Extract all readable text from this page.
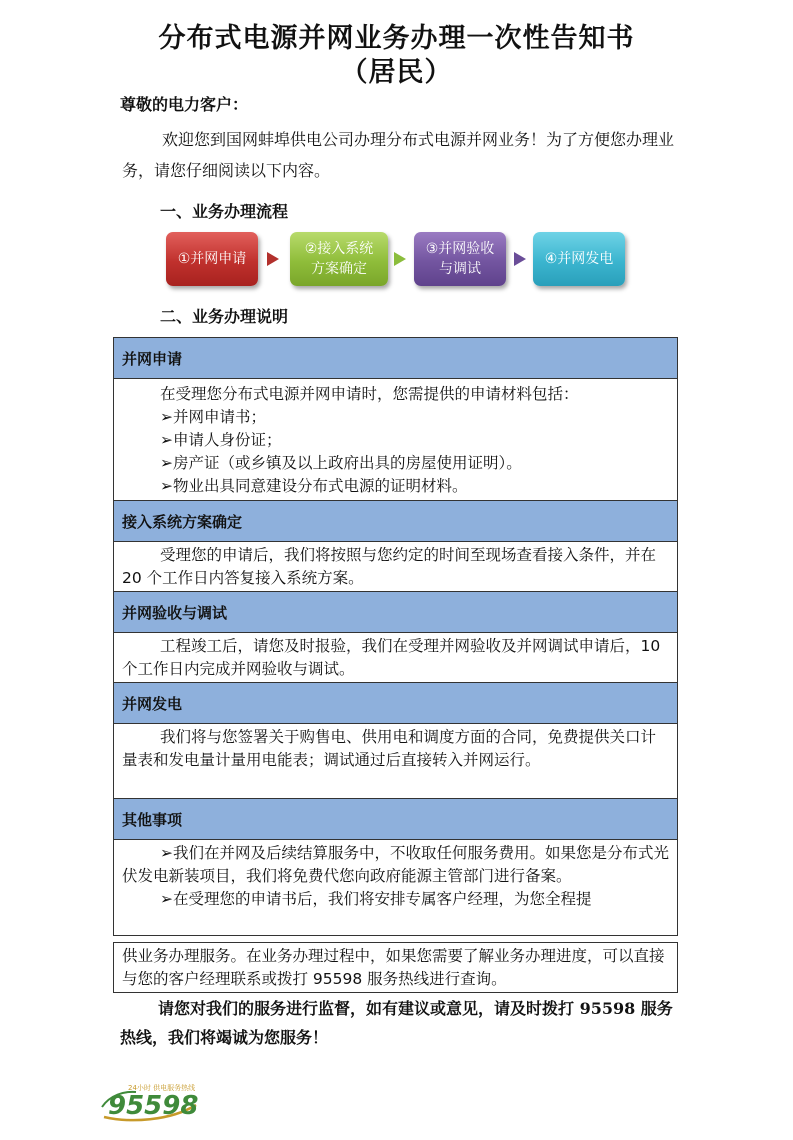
分布式电源并网业务办理一次性告知书
（居民）
尊敬的电力客户：
欢迎您到国网蚌埠供电公司办理分布式电源并网业务！为了方便您办理业务，请您仔细阅读以下内容。
一、业务办理流程
①并网申请
②接入系统
方案确定
③并网验收
与调试
④并网发电
二、业务办理说明
并网申请
在受理您分布式电源并网申请时，您需提供的申请材料包括：
➢ 并网申请书；
➢ 申请人身份证；
➢ 房产证（或乡镇及以上政府出具的房屋使用证明）。
➢ 物业出具同意建设分布式电源的证明材料。
接入系统方案确定
受理您的申请后，我们将按照与您约定的时间至现场查看接入条件，并在 20 个工作日内答复接入系统方案。
并网验收与调试
工程竣工后，请您及时报验，我们在受理并网验收及并网调试申请后，10 个工作日内完成并网验收与调试。
并网发电
我们将与您签署关于购售电、供用电和调度方面的合同，免费提供关口计量表和发电量计量用电能表；调试通过后直接转入并网运行。
其他事项
➢ 我们在并网及后续结算服务中，不收取任何服务费用。如果您是分布式光伏发电新装项目，我们将免费代您向政府能源主管部门进行备案。
➢ 在受理您的申请书后，我们将安排专属客户经理，为您全程提
供业务办理服务。在业务办理过程中，如果您需要了解业务办理进度，可以直接与您的客户经理联系或拨打 95598 服务热线进行查询。
请您对我们的服务进行监督，如有建议或意见，请及时拨打 95598 服务热线，我们将竭诚为您服务！
24小时 供电服务热线
95598
